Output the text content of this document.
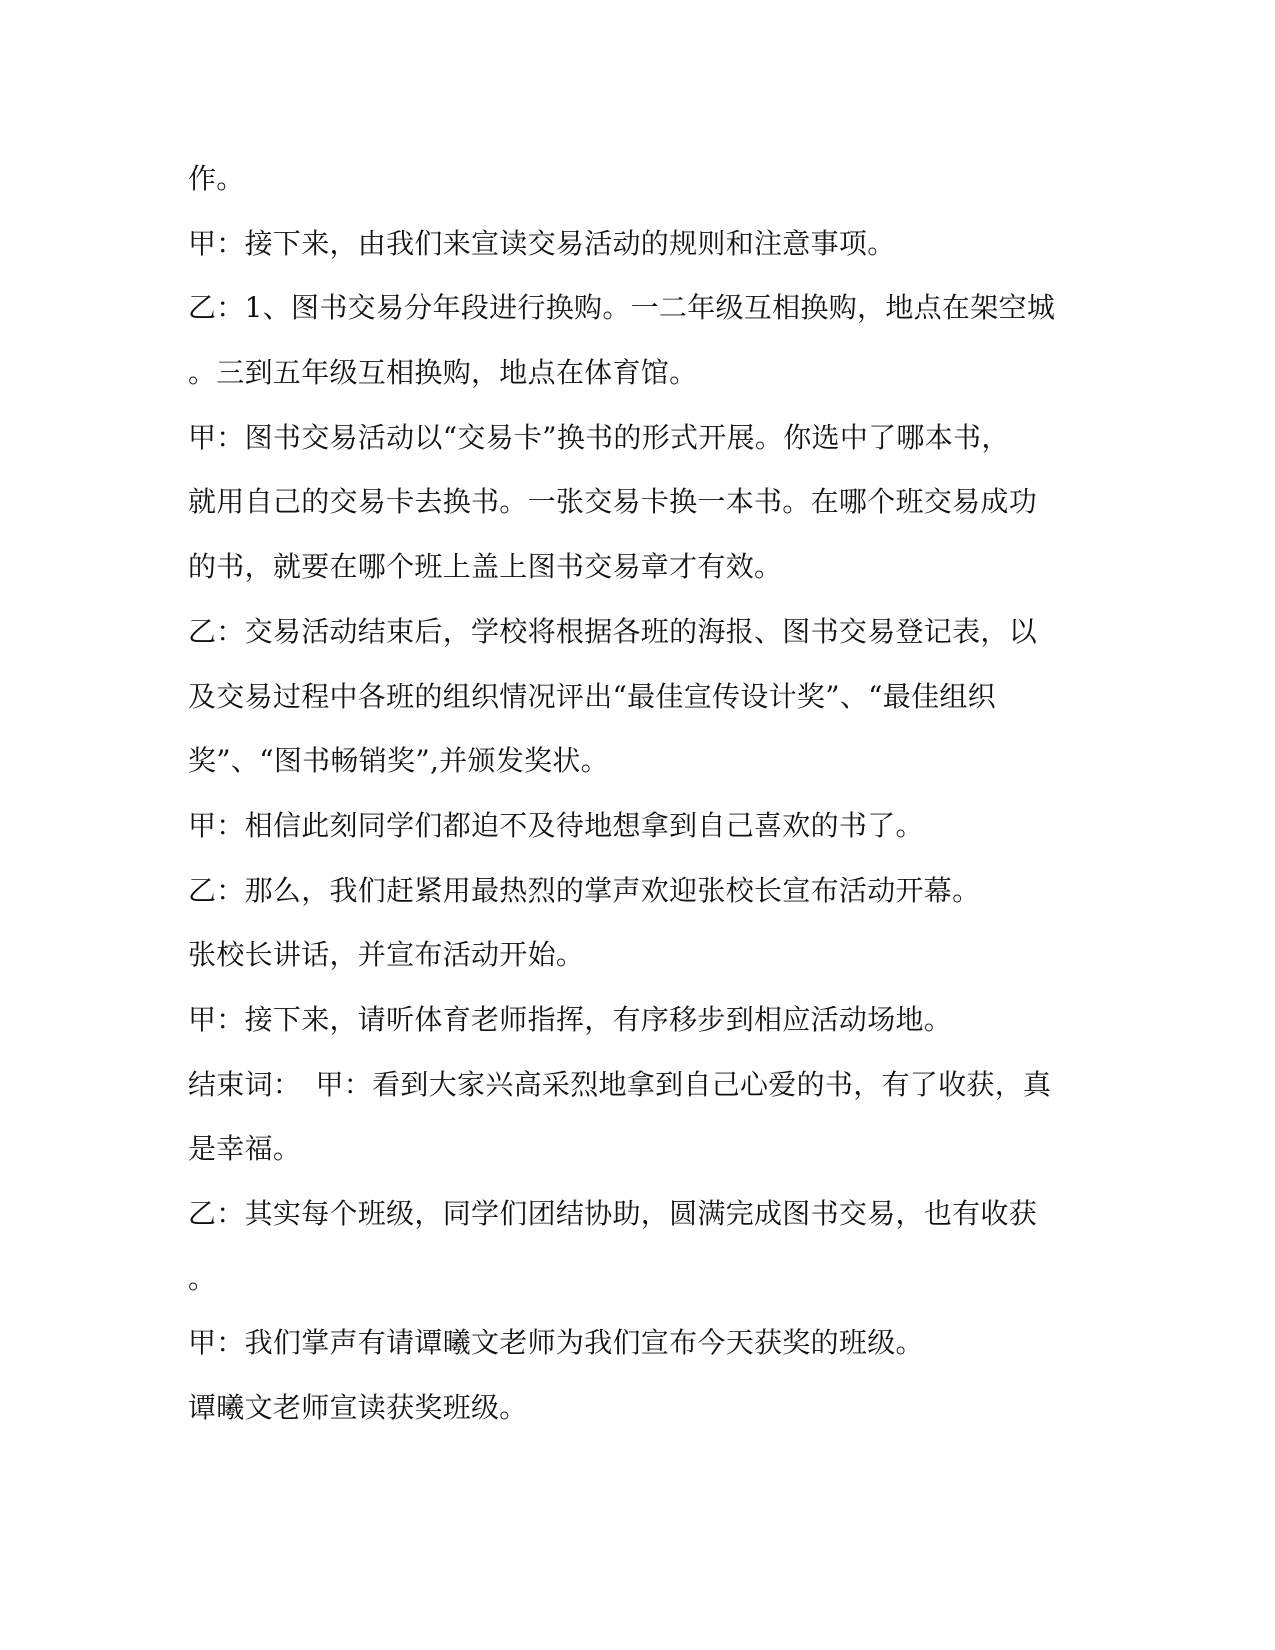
作。
甲：接下来，由我们来宣读交易活动的规则和注意事项。
乙：1、图书交易分年段进行换购。一二年级互相换购，地点在架空城
。三到五年级互相换购，地点在体育馆。
甲：图书交易活动以“交易卡”换书的形式开展。你选中了哪本书，
就用自己的交易卡去换书。一张交易卡换一本书。在哪个班交易成功
的书，就要在哪个班上盖上图书交易章才有效。
乙：交易活动结束后，学校将根据各班的海报、图书交易登记表，以
及交易过程中各班的组织情况评出“最佳宣传设计奖”、“最佳组织
奖”、“图书畅销奖”,并颁发奖状。
甲：相信此刻同学们都迫不及待地想拿到自己喜欢的书了。
乙：那么，我们赶紧用最热烈的掌声欢迎张校长宣布活动开幕。
张校长讲话，并宣布活动开始。
甲：接下来，请听体育老师指挥，有序移步到相应活动场地。
结束词：　甲：看到大家兴高采烈地拿到自己心爱的书，有了收获，真
是幸福。
乙：其实每个班级，同学们团结协助，圆满完成图书交易，也有收获
。
甲：我们掌声有请谭曦文老师为我们宣布今天获奖的班级。
谭曦文老师宣读获奖班级。
